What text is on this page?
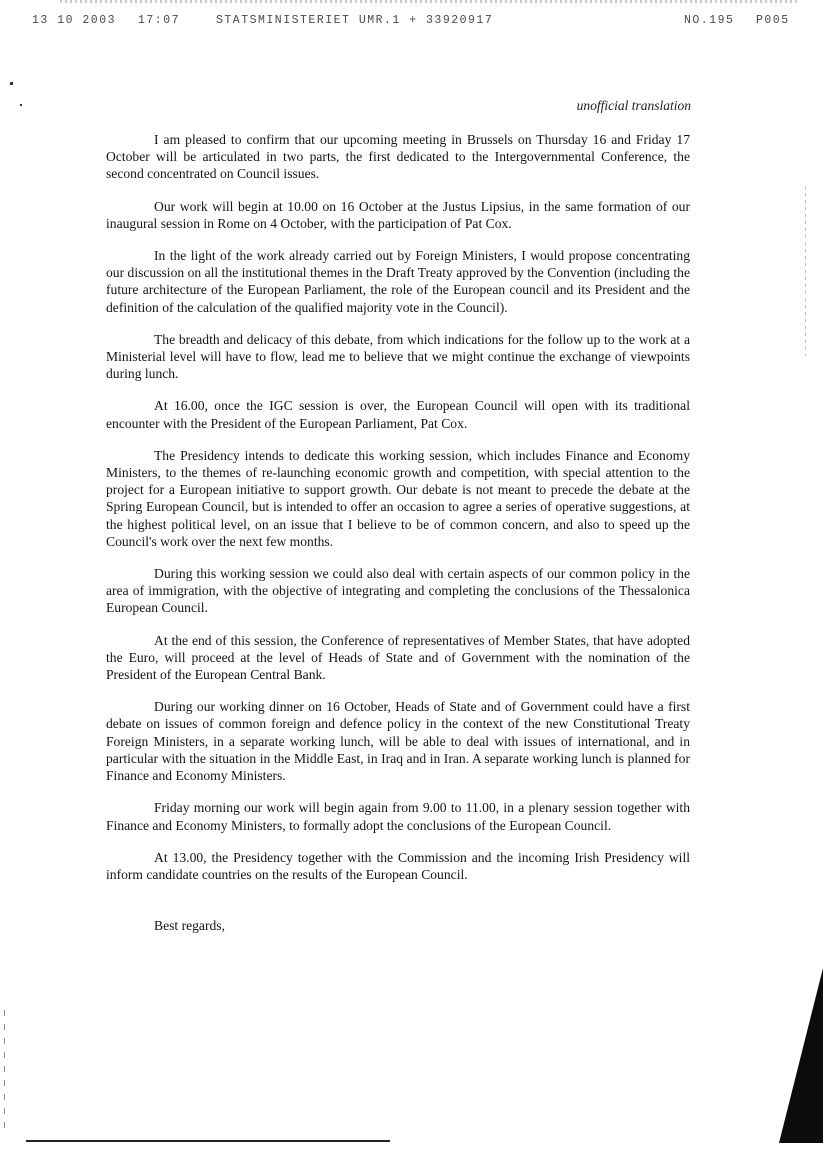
13 10 2003 17:07	STATSMINISTERIET UMR.1 + 33920917	NO.195 P005
unofficial translation

I am pleased to confirm that our upcoming meeting in Brussels on Thursday 16 and Friday 17 October will be articulated in two parts, the first dedicated to the Intergovernmental Conference, the second concentrated on Council issues.

Our work will begin at 10.00 on 16 October at the Justus Lipsius, in the same formation of our inaugural session in Rome on 4 October, with the participation of Pat Cox.

In the light of the work already carried out by Foreign Ministers, I would propose concentrating our discussion on all the institutional themes in the Draft Treaty approved by the Convention (including the future architecture of the European Parliament, the role of the European council and its President and the definition of the calculation of the qualified majority vote in the Council).

The breadth and delicacy of this debate, from which indications for the follow up to the work at a Ministerial level will have to flow, lead me to believe that we might continue the exchange of viewpoints during lunch.

At 16.00, once the IGC session is over, the European Council will open with its traditional encounter with the President of the European Parliament, Pat Cox.

The Presidency intends to dedicate this working session, which includes Finance and Economy Ministers, to the themes of re-launching economic growth and competition, with special attention to the project for a European initiative to support growth. Our debate is not meant to precede the debate at the Spring European Council, but is intended to offer an occasion to agree a series of operative suggestions, at the highest political level, on an issue that I believe to be of common concern, and also to speed up the Council's work over the next few months.

During this working session we could also deal with certain aspects of our common policy in the area of immigration, with the objective of integrating and completing the conclusions of the Thessalonica European Council.

At the end of this session, the Conference of representatives of Member States, that have adopted the Euro, will proceed at the level of Heads of State and of Government with the nomination of the President of the European Central Bank.

During our working dinner on 16 October, Heads of State and of Government could have a first debate on issues of common foreign and defence policy in the context of the new Constitutional Treaty Foreign Ministers, in a separate working lunch, will be able to deal with issues of international, and in particular with the situation in the Middle East, in Iraq and in Iran. A separate working lunch is planned for Finance and Economy Ministers.

Friday morning our work will begin again from 9.00 to 11.00, in a plenary session together with Finance and Economy Ministers, to formally adopt the conclusions of the European Council.

At 13.00, the Presidency together with the Commission and the incoming Irish Presidency will inform candidate countries on the results of the European Council.

Best regards,
